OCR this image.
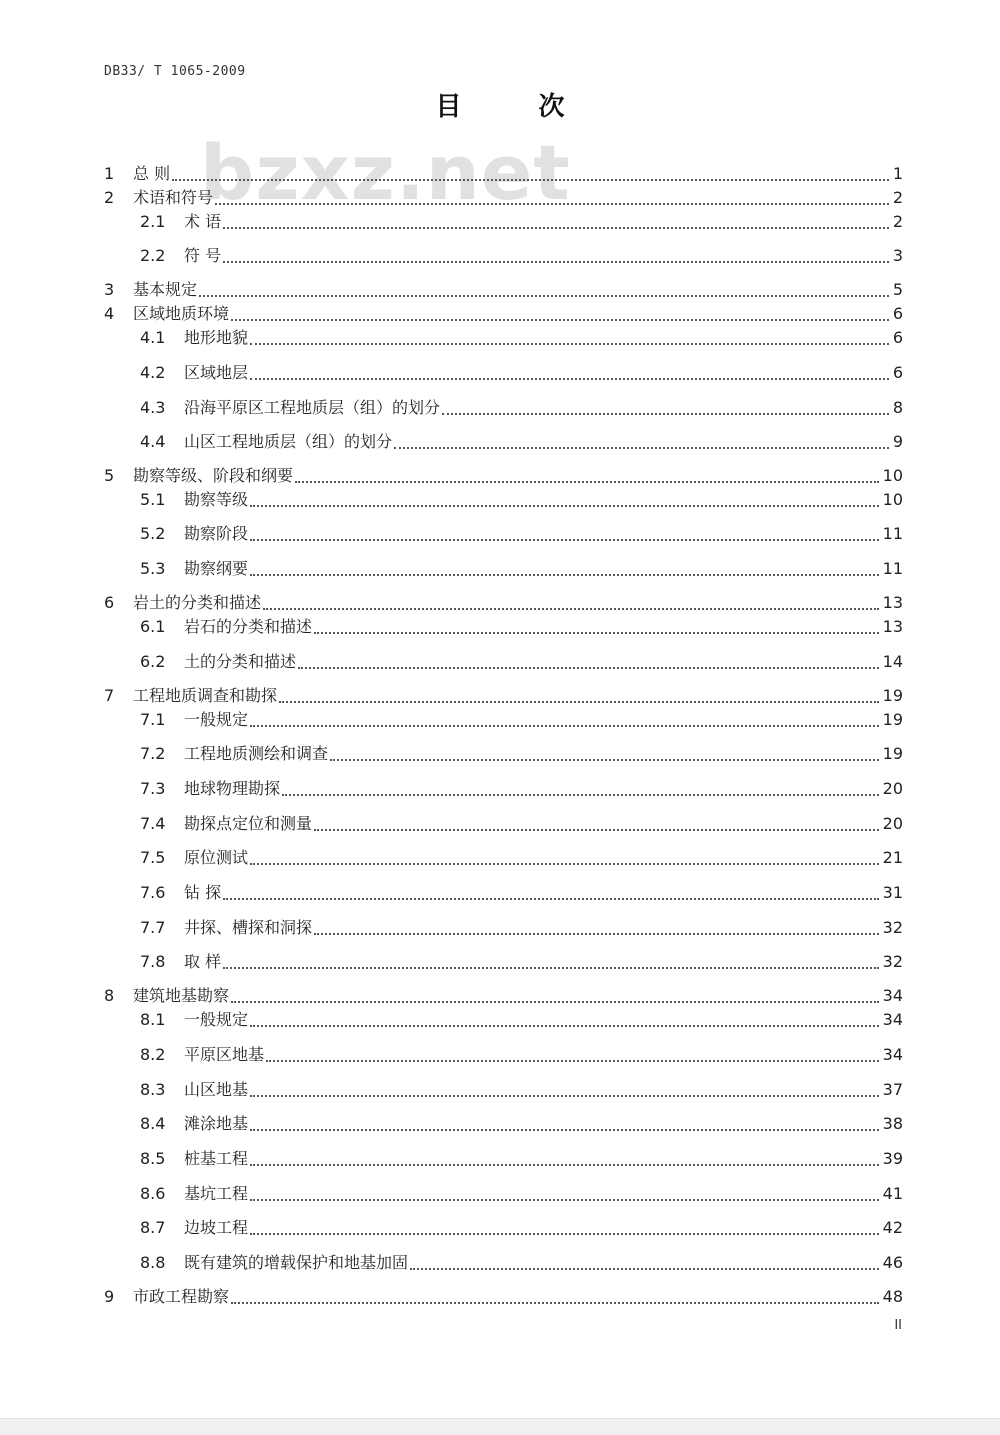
DB33/ T 1065-2009
目 次
bzxz.net
1 总 则	1
2 术语和符号	2
2.1 术 语	2
2.2 符 号	3
3 基本规定	5
4 区域地质环境	6
4.1 地形地貌	6
4.2 区域地层	6
4.3 沿海平原区工程地质层（组）的划分	8
4.4 山区工程地质层（组）的划分	9
5 勘察等级、阶段和纲要	10
5.1 勘察等级	10
5.2 勘察阶段	11
5.3 勘察纲要	11
6 岩土的分类和描述	13
6.1 岩石的分类和描述	13
6.2 土的分类和描述	14
7 工程地质调查和勘探	19
7.1 一般规定	19
7.2 工程地质测绘和调查	19
7.3 地球物理勘探	20
7.4 勘探点定位和测量	20
7.5 原位测试	21
7.6 钻 探	31
7.7 井探、槽探和洞探	32
7.8 取 样	32
8 建筑地基勘察	34
8.1 一般规定	34
8.2 平原区地基	34
8.3 山区地基	37
8.4 滩涂地基	38
8.5 桩基工程	39
8.6 基坑工程	41
8.7 边坡工程	42
8.8 既有建筑的增载保护和地基加固	46
9 市政工程勘察	48
II
